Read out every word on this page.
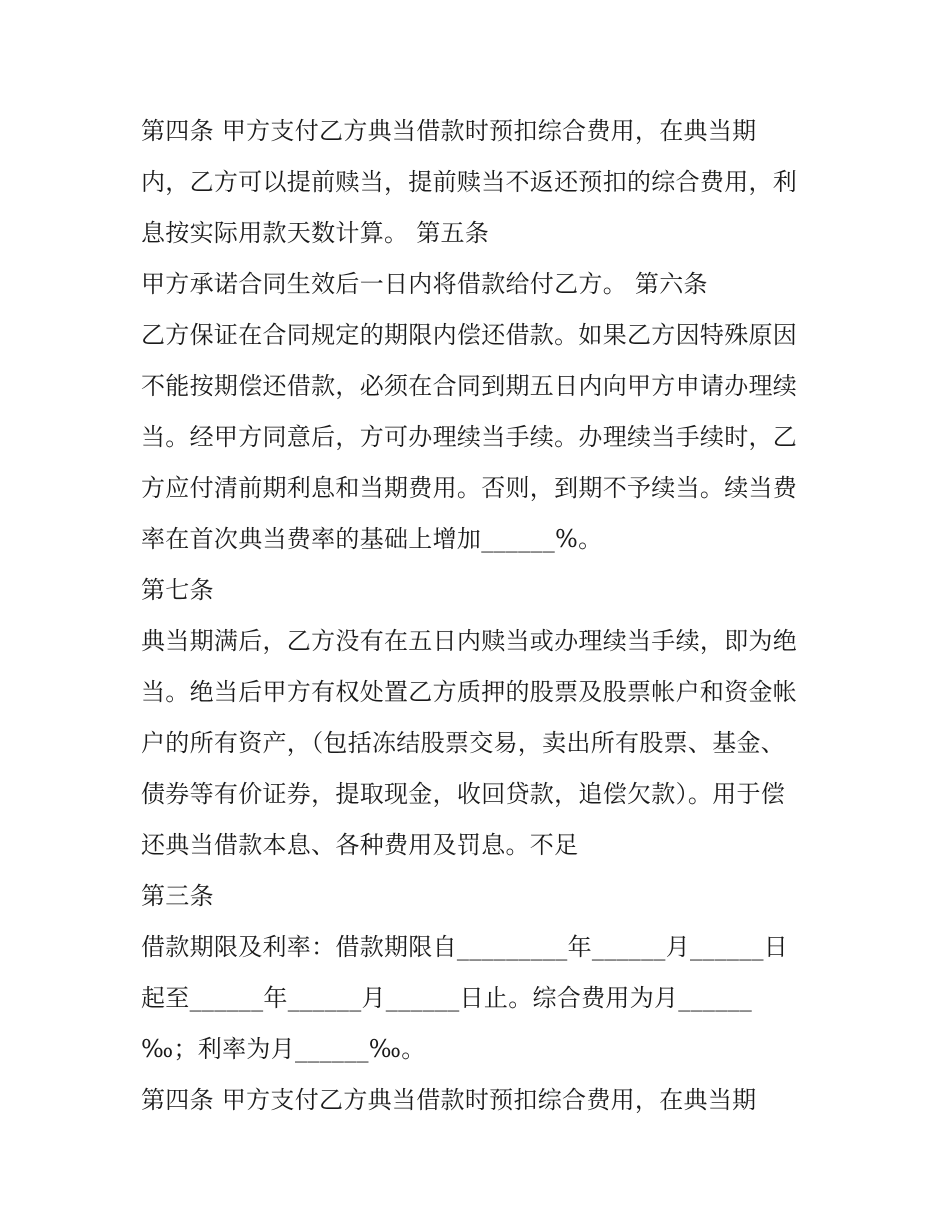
第四条 甲方支付乙方典当借款时预扣综合费用，在典当期
内，乙方可以提前赎当，提前赎当不返还预扣的综合费用，利
息按实际用款天数计算。 第五条
甲方承诺合同生效后一日内将借款给付乙方。 第六条
乙方保证在合同规定的期限内偿还借款。如果乙方因特殊原因
不能按期偿还借款，必须在合同到期五日内向甲方申请办理续
当。经甲方同意后，方可办理续当手续。办理续当手续时，乙
方应付清前期利息和当期费用。否则，到期不予续当。续当费
率在首次典当费率的基础上增加______%。
第七条
典当期满后，乙方没有在五日内赎当或办理续当手续，即为绝
当。绝当后甲方有权处置乙方质押的股票及股票帐户和资金帐
户的所有资产，（包括冻结股票交易，卖出所有股票、基金、
债券等有价证券，提取现金，收回贷款，追偿欠款）。用于偿
还典当借款本息、各种费用及罚息。不足
第三条
借款期限及利率：借款期限自_________年______月______日
起至______年______月______日止。综合费用为月______
‰；利率为月______‰。
第四条 甲方支付乙方典当借款时预扣综合费用，在典当期
